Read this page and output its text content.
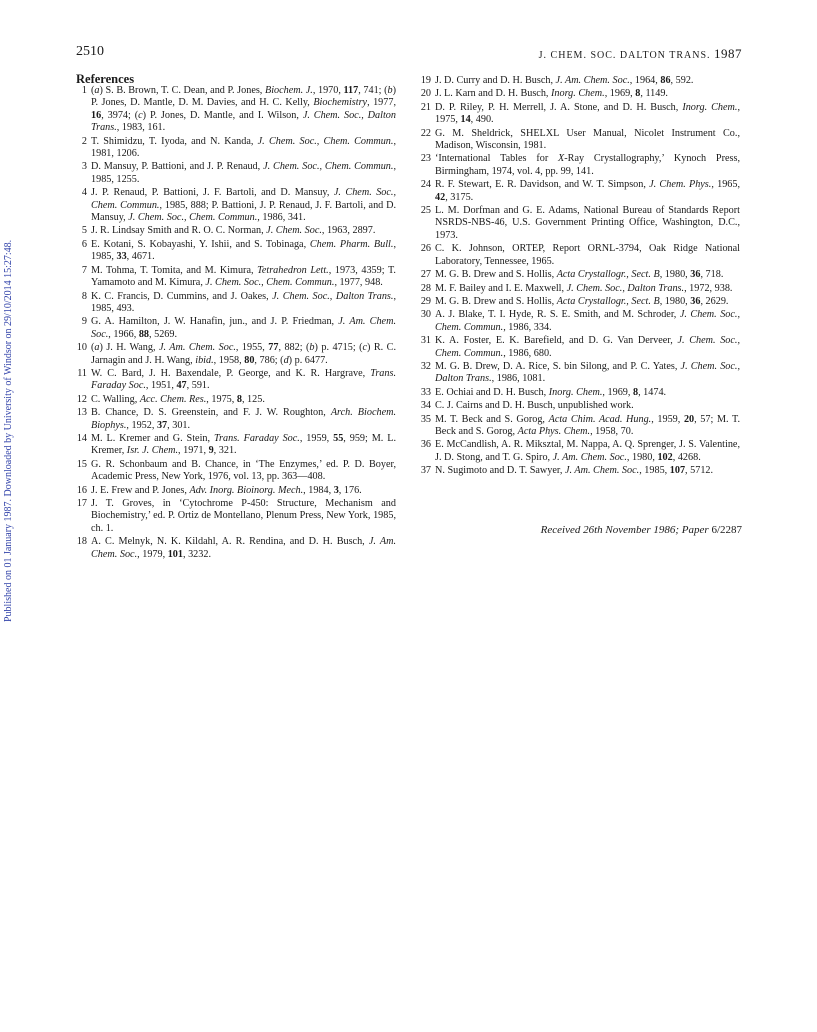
Published on 01 January 1987. Downloaded by University of Windsor on 29/10/2014 15:27:48.
2510	J. CHEM. SOC. DALTON TRANS. 1987
References
1 (a) S. B. Brown, T. C. Dean, and P. Jones, Biochem. J., 1970, 117, 741; (b) P. Jones, D. Mantle, D. M. Davies, and H. C. Kelly, Biochemistry, 1977, 16, 3974; (c) P. Jones, D. Mantle, and I. Wilson, J. Chem. Soc., Dalton Trans., 1983, 161.
2 T. Shimidzu, T. Iyoda, and N. Kanda, J. Chem. Soc., Chem. Commun., 1981, 1206.
3 D. Mansuy, P. Battioni, and J. P. Renaud, J. Chem. Soc., Chem. Commun., 1985, 1255.
4 J. P. Renaud, P. Battioni, J. F. Bartoli, and D. Mansuy, J. Chem. Soc., Chem. Commun., 1985, 888; P. Battioni, J. P. Renaud, J. F. Bartoli, and D. Mansuy, J. Chem. Soc., Chem. Commun., 1986, 341.
5 J. R. Lindsay Smith and R. O. C. Norman, J. Chem. Soc., 1963, 2897.
6 E. Kotani, S. Kobayashi, Y. Ishii, and S. Tobinaga, Chem. Pharm. Bull., 1985, 33, 4671.
7 M. Tohma, T. Tomita, and M. Kimura, Tetrahedron Lett., 1973, 4359; T. Yamamoto and M. Kimura, J. Chem. Soc., Chem. Commun., 1977, 948.
8 K. C. Francis, D. Cummins, and J. Oakes, J. Chem. Soc., Dalton Trans., 1985, 493.
9 G. A. Hamilton, J. W. Hanafin, jun., and J. P. Friedman, J. Am. Chem. Soc., 1966, 88, 5269.
10 (a) J. H. Wang, J. Am. Chem. Soc., 1955, 77, 882; (b) p. 4715; (c) R. C. Jarnagin and J. H. Wang, ibid., 1958, 80, 786; (d) p. 6477.
11 W. C. Bard, J. H. Baxendale, P. George, and K. R. Hargrave, Trans. Faraday Soc., 1951, 47, 591.
12 C. Walling, Acc. Chem. Res., 1975, 8, 125.
13 B. Chance, D. S. Greenstein, and F. J. W. Roughton, Arch. Biochem. Biophys., 1952, 37, 301.
14 M. L. Kremer and G. Stein, Trans. Faraday Soc., 1959, 55, 959; M. L. Kremer, Isr. J. Chem., 1971, 9, 321.
15 G. R. Schonbaum and B. Chance, in ‘The Enzymes,’ ed. P. D. Boyer, Academic Press, New York, 1976, vol. 13, pp. 363—408.
16 J. E. Frew and P. Jones, Adv. Inorg. Bioinorg. Mech., 1984, 3, 176.
17 J. T. Groves, in ‘Cytochrome P-450: Structure, Mechanism and Biochemistry,’ ed. P. Ortiz de Montellano, Plenum Press, New York, 1985, ch. 1.
18 A. C. Melnyk, N. K. Kildahl, A. R. Rendina, and D. H. Busch, J. Am. Chem. Soc., 1979, 101, 3232.
19 J. D. Curry and D. H. Busch, J. Am. Chem. Soc., 1964, 86, 592.
20 J. L. Karn and D. H. Busch, Inorg. Chem., 1969, 8, 1149.
21 D. P. Riley, P. H. Merrell, J. A. Stone, and D. H. Busch, Inorg. Chem., 1975, 14, 490.
22 G. M. Sheldrick, SHELXL User Manual, Nicolet Instrument Co., Madison, Wisconsin, 1981.
23 ‘International Tables for X-Ray Crystallography,’ Kynoch Press, Birmingham, 1974, vol. 4, pp. 99, 141.
24 R. F. Stewart, E. R. Davidson, and W. T. Simpson, J. Chem. Phys., 1965, 42, 3175.
25 L. M. Dorfman and G. E. Adams, National Bureau of Standards Report NSRDS-NBS-46, U.S. Government Printing Office, Washington, D.C., 1973.
26 C. K. Johnson, ORTEP, Report ORNL-3794, Oak Ridge National Laboratory, Tennessee, 1965.
27 M. G. B. Drew and S. Hollis, Acta Crystallogr., Sect. B, 1980, 36, 718.
28 M. F. Bailey and I. E. Maxwell, J. Chem. Soc., Dalton Trans., 1972, 938.
29 M. G. B. Drew and S. Hollis, Acta Crystallogr., Sect. B, 1980, 36, 2629.
30 A. J. Blake, T. I. Hyde, R. S. E. Smith, and M. Schroder, J. Chem. Soc., Chem. Commun., 1986, 334.
31 K. A. Foster, E. K. Barefield, and D. G. Van Derveer, J. Chem. Soc., Chem. Commun., 1986, 680.
32 M. G. B. Drew, D. A. Rice, S. bin Silong, and P. C. Yates, J. Chem. Soc., Dalton Trans., 1986, 1081.
33 E. Ochiai and D. H. Busch, Inorg. Chem., 1969, 8, 1474.
34 C. J. Cairns and D. H. Busch, unpublished work.
35 M. T. Beck and S. Gorog, Acta Chim. Acad. Hung., 1959, 20, 57; M. T. Beck and S. Gorog, Acta Phys. Chem., 1958, 70.
36 E. McCandlish, A. R. Miksztal, M. Nappa, A. Q. Sprenger, J. S. Valentine, J. D. Stong, and T. G. Spiro, J. Am. Chem. Soc., 1980, 102, 4268.
37 N. Sugimoto and D. T. Sawyer, J. Am. Chem. Soc., 1985, 107, 5712.
Received 26th November 1986; Paper 6/2287
